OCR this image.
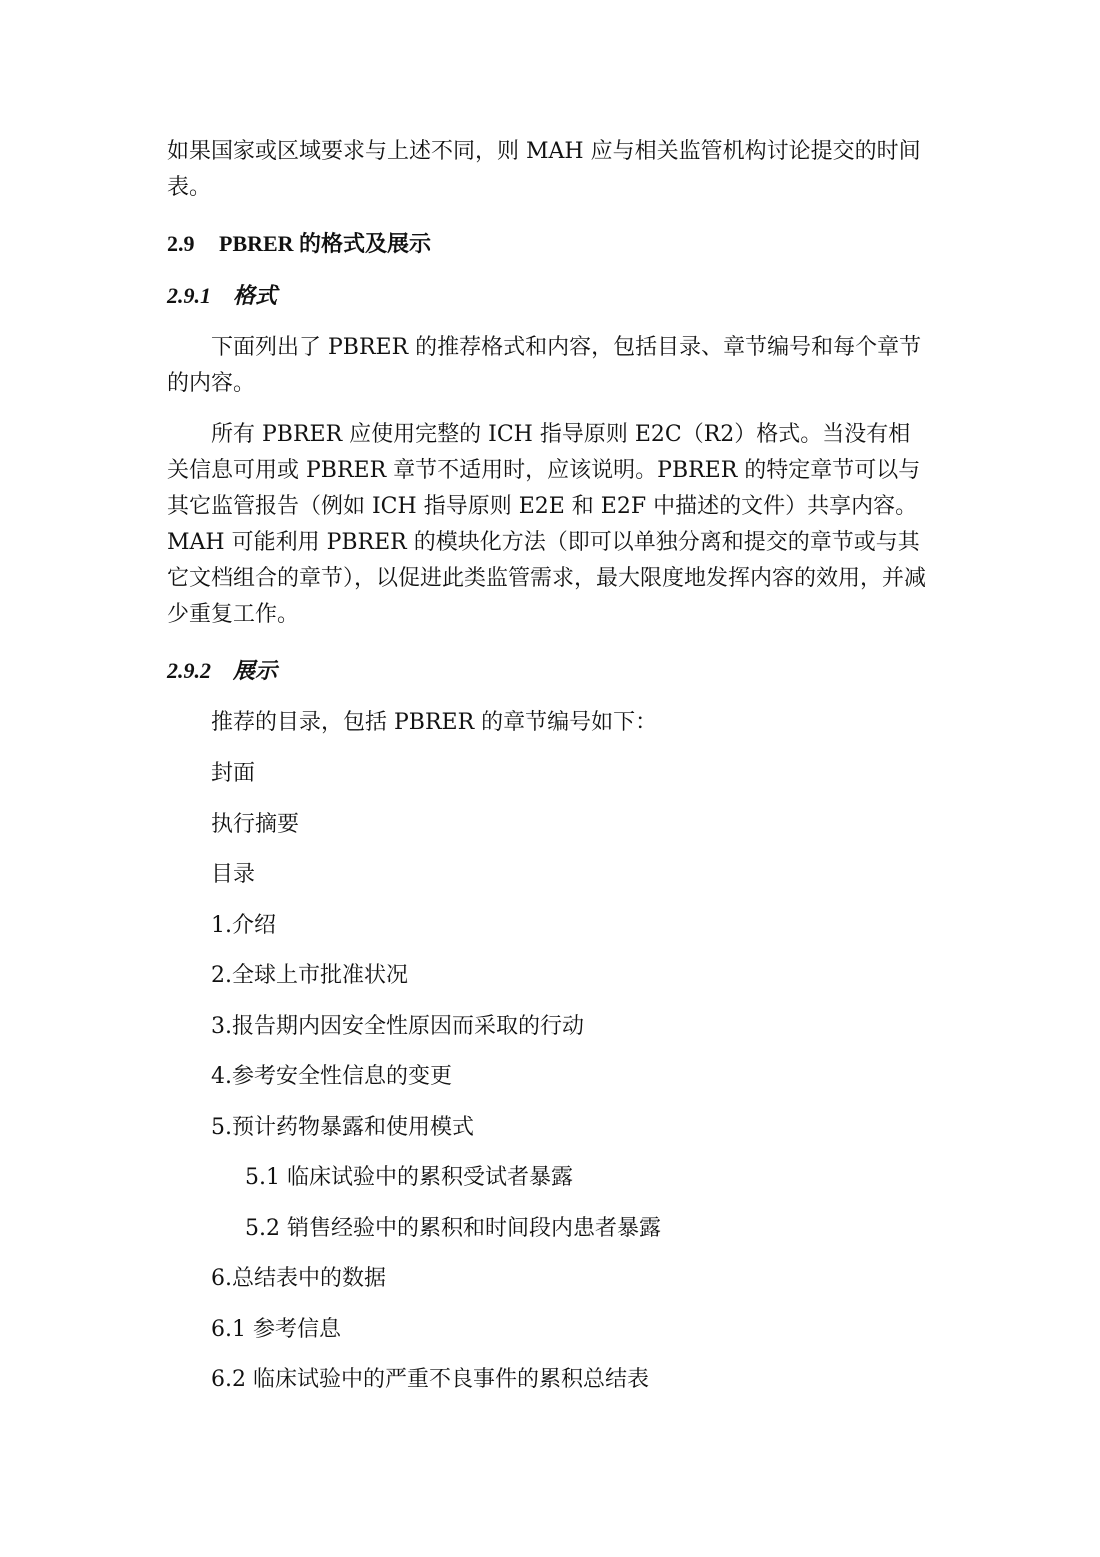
如果国家或区域要求与上述不同，则 MAH 应与相关监管机构讨论提交的时间表。

2.9 PBRER 的格式及展示
2.9.1 格式

下面列出了 PBRER 的推荐格式和内容，包括目录、章节编号和每个章节的内容。

所有 PBRER 应使用完整的 ICH 指导原则 E2C（R2）格式。当没有相关信息可用或 PBRER 章节不适用时，应该说明。PBRER 的特定章节可以与其它监管报告（例如 ICH 指导原则 E2E 和 E2F 中描述的文件）共享内容。MAH 可能利用 PBRER 的模块化方法（即可以单独分离和提交的章节或与其它文档组合的章节），以促进此类监管需求，最大限度地发挥内容的效用，并减少重复工作。

2.9.2 展示

推荐的目录，包括 PBRER 的章节编号如下：

封面

执行摘要

目录

1.介绍

2.全球上市批准状况

3.报告期内因安全性原因而采取的行动

4.参考安全性信息的变更

5.预计药物暴露和使用模式

5.1 临床试验中的累积受试者暴露

5.2 销售经验中的累积和时间段内患者暴露

6.总结表中的数据

6.1 参考信息

6.2 临床试验中的严重不良事件的累积总结表
